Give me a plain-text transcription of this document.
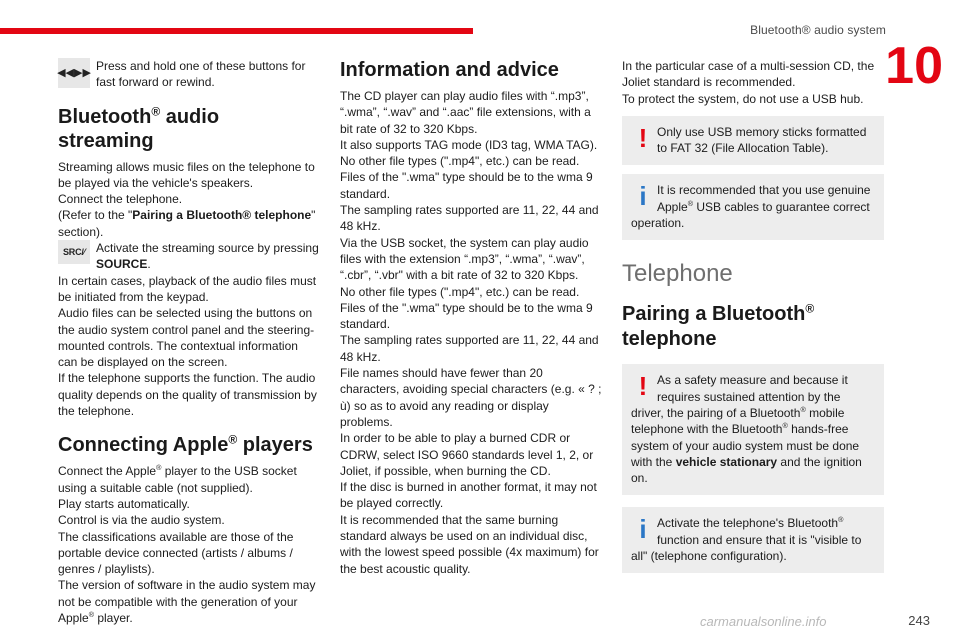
Bluetooth® audio system
10
◀◀▶▶ Press and hold one of these buttons for fast forward or rewind.
Bluetooth® audio streaming
Streaming allows music files on the telephone to be played via the vehicle's speakers.
Connect the telephone.
(Refer to the "Pairing a Bluetooth® telephone" section).
SRC/⁄ Activate the streaming source by pressing SOURCE.
In certain cases, playback of the audio files must be initiated from the keypad.
Audio files can be selected using the buttons on the audio system control panel and the steering-mounted controls. The contextual information can be displayed on the screen.
If the telephone supports the function. The audio quality depends on the quality of transmission by the telephone.
Connecting Apple® players
Connect the Apple® player to the USB socket using a suitable cable (not supplied).
Play starts automatically.
Control is via the audio system.
The classifications available are those of the portable device connected (artists / albums / genres / playlists).
The version of software in the audio system may not be compatible with the generation of your Apple® player.
Information and advice
The CD player can play audio files with “.mp3”, “.wma”, “.wav” and “.aac” file extensions, with a bit rate of 32 to 320 Kbps.
It also supports TAG mode (ID3 tag, WMA TAG).
No other file types (".mp4", etc.) can be read.
Files of the ".wma" type should be to the wma 9 standard.
The sampling rates supported are 11, 22, 44 and 48 kHz.
Via the USB socket, the system can play audio files with the extension “.mp3”, “.wma”, “.wav”, “.cbr”, “.vbr" with a bit rate of 32 to 320 Kbps.
No other file types (".mp4", etc.) can be read.
Files of the ".wma" type should be to the wma 9 standard.
The sampling rates supported are 11, 22, 44 and 48 kHz.
File names should have fewer than 20 characters, avoiding special characters (e.g. « ? ; ù) so as to avoid any reading or display problems.
In order to be able to play a burned CDR or CDRW, select ISO 9660 standards level 1, 2, or Joliet, if possible, when burning the CD.
If the disc is burned in another format, it may not be played correctly.
It is recommended that the same burning standard always be used on an individual disc, with the lowest speed possible (4x maximum) for the best acoustic quality.
In the particular case of a multi-session CD, the Joliet standard is recommended.
To protect the system, do not use a USB hub.
! Only use USB memory sticks formatted to FAT 32 (File Allocation Table).
i It is recommended that you use genuine Apple® USB cables to guarantee correct operation.
Telephone
Pairing a Bluetooth®
telephone
! As a safety measure and because it requires sustained attention by the driver, the pairing of a Bluetooth® mobile telephone with the Bluetooth® hands-free system of your audio system must be done with the vehicle stationary and the ignition on.
i Activate the telephone's Bluetooth® function and ensure that it is "visible to all" (telephone configuration).
carmanualsonline.info	243
